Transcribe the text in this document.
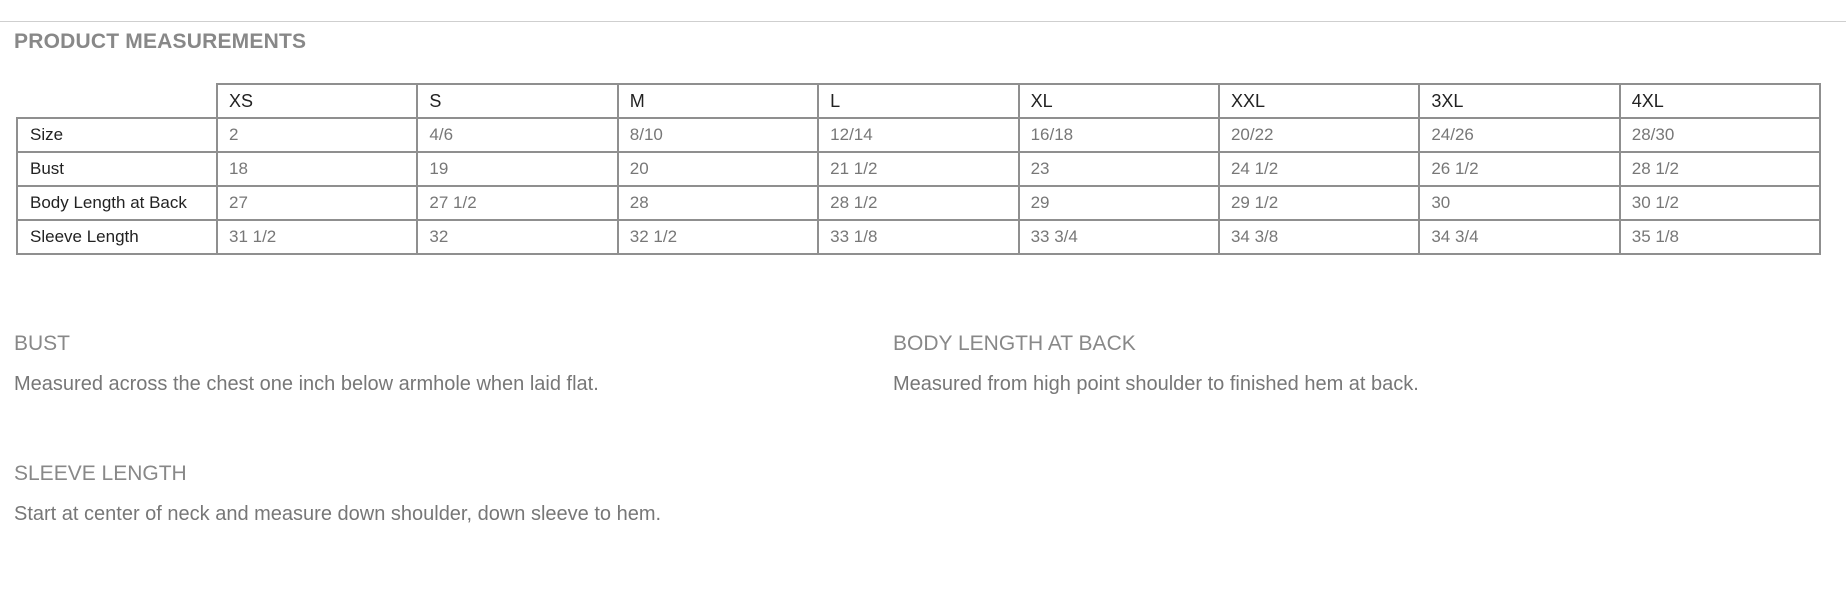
PRODUCT MEASUREMENTS
	XS	S	M	L	XL	XXL	3XL	4XL
Size	2	4/6	8/10	12/14	16/18	20/22	24/26	28/30
Bust	18	19	20	21 1/2	23	24 1/2	26 1/2	28 1/2
Body Length at Back	27	27 1/2	28	28 1/2	29	29 1/2	30	30 1/2
Sleeve Length	31 1/2	32	32 1/2	33 1/8	33 3/4	34 3/8	34 3/4	35 1/8
BUST
Measured across the chest one inch below armhole when laid flat.
BODY LENGTH AT BACK
Measured from high point shoulder to finished hem at back.
SLEEVE LENGTH
Start at center of neck and measure down shoulder, down sleeve to hem.
